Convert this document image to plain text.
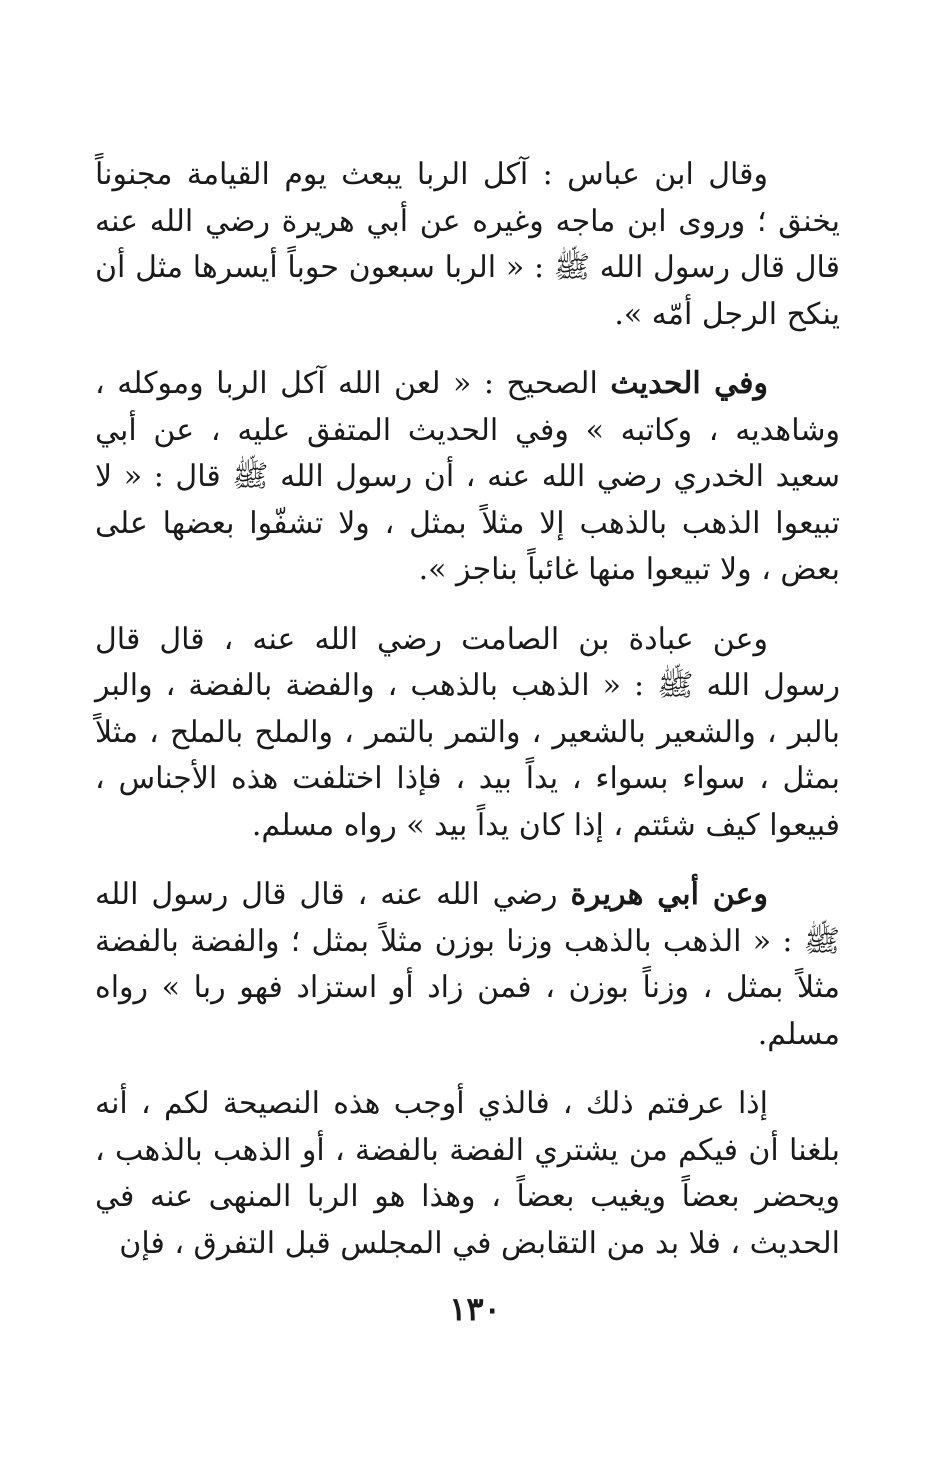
وقال ابن عباس : آكل الربا يبعث يوم القيامة مجنوناً يخنق ؛ وروى ابن ماجه وغيره عن أبي هريرة رضي الله عنه قال قال رسول الله ﷺ : « الربا سبعون حوباً أيسرها مثل أن ينكح الرجل أمّه ».

وفي الحديث الصحيح : « لعن الله آكل الربا وموكله ، وشاهديه ، وكاتبه » وفي الحديث المتفق عليه ، عن أبي سعيد الخدري رضي الله عنه ، أن رسول الله ﷺ قال : « لا تبيعوا الذهب بالذهب إلا مثلاً بمثل ، ولا تشفّوا بعضها على بعض ، ولا تبيعوا منها غائباً بناجز ».

وعن عبادة بن الصامت رضي الله عنه ، قال قال رسول الله ﷺ : « الذهب بالذهب ، والفضة بالفضة ، والبر بالبر ، والشعير بالشعير ، والتمر بالتمر ، والملح بالملح ، مثلاً بمثل ، سواء بسواء ، يداً بيد ، فإذا اختلفت هذه الأجناس ، فبيعوا كيف شئتم ، إذا كان يداً بيد » رواه مسلم.

وعن أبي هريرة رضي الله عنه ، قال قال رسول الله ﷺ : « الذهب بالذهب وزنا بوزن مثلاً بمثل ؛ والفضة بالفضة مثلاً بمثل ، وزناً بوزن ، فمن زاد أو استزاد فهو ربا » رواه مسلم.

إذا عرفتم ذلك ، فالذي أوجب هذه النصيحة لكم ، أنه بلغنا أن فيكم من يشتري الفضة بالفضة ، أو الذهب بالذهب ، ويحضر بعضاً ويغيب بعضاً ، وهذا هو الربا المنهى عنه في الحديث ، فلا بد من التقابض في المجلس قبل التفرق ، فإن

١٣٠
